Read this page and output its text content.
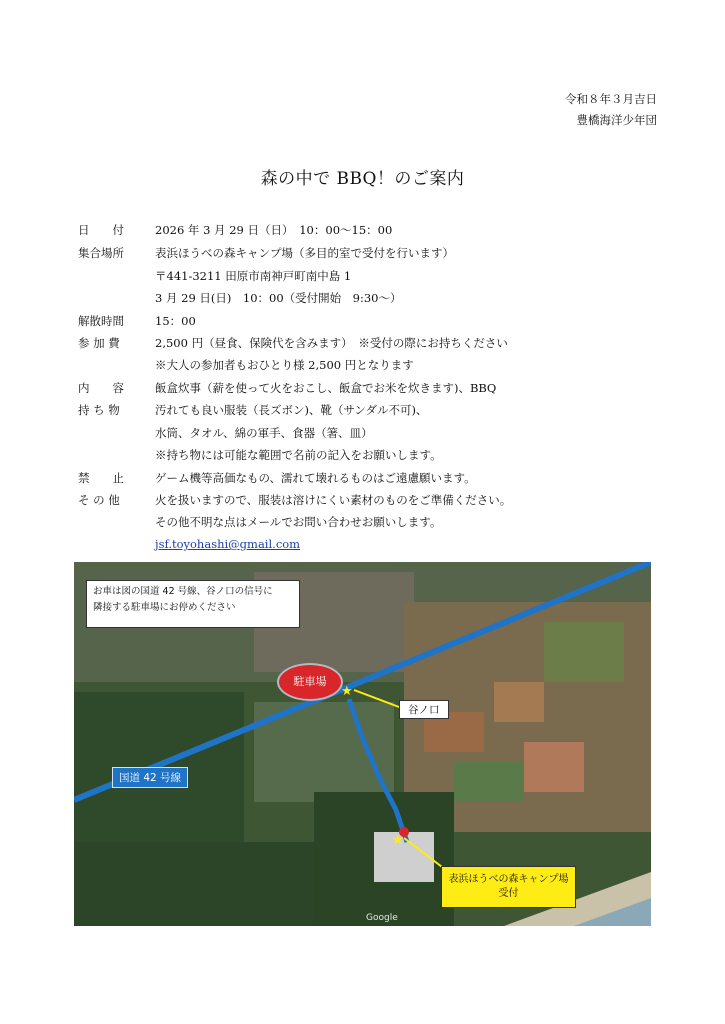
令和８年３月吉日
豊橋海洋少年団
森の中で BBQ！のご案内
日　　付	2026 年 3 月 29 日（日）　10：00〜15：00
集合場所	表浜ほうべの森キャンプ場（多目的室で受付を行います）
〒441-3211 田原市南神戸町南中島 1
3 月 29 日(日)　10：00（受付開始　9:30〜）
解散時間	15：00
参 加 費	2,500 円（昼食、保険代を含みます）　※受付の際にお持ちください
※大人の参加者もおひとり様 2,500 円となります
内　　容	飯盒炊事（薪を使って火をおこし、飯盒でお米を炊きます)、BBQ
持 ち 物	汚れても良い服装（長ズボン)、靴（サンダル不可)、
水筒、タオル、綿の軍手、食器（箸、皿）
※持ち物には可能な範囲で名前の記入をお願いします。
禁　　止	ゲーム機等高価なもの、濡れて壊れるものはご遠慮願います。
そ の 他	火を扱いますので、服装は溶けにくい素材のものをご準備ください。
その他不明な点はメールでお問い合わせお願いします。
jsf.toyohashi@gmail.com
★
★
お車は図の国道 42 号線、谷ノ口の信号に
隣接する駐車場にお停めください
国道 42 号線
駐車場
谷ノ口
表浜ほうべの森キャンプ場
受付
Google
